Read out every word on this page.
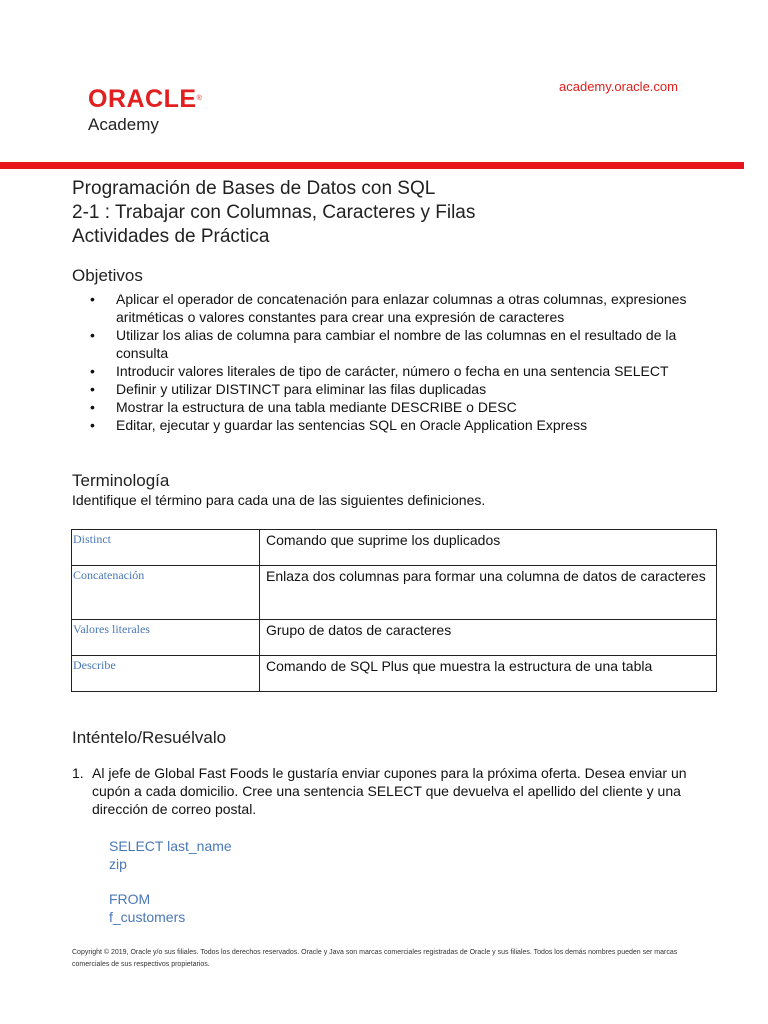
ORACLE®
Academy
academy.oracle.com
Programación de Bases de Datos con SQL
2-1 : Trabajar con Columnas, Caracteres y Filas
Actividades de Práctica
Objetivos
• Aplicar el operador de concatenación para enlazar columnas a otras columnas, expresiones aritméticas o valores constantes para crear una expresión de caracteres
• Utilizar los alias de columna para cambiar el nombre de las columnas en el resultado de la consulta
• Introducir valores literales de tipo de carácter, número o fecha en una sentencia SELECT
• Definir y utilizar DISTINCT para eliminar las filas duplicadas
• Mostrar la estructura de una tabla mediante DESCRIBE o DESC
• Editar, ejecutar y guardar las sentencias SQL en Oracle Application Express
Terminología
Identifique el término para cada una de las siguientes definiciones.
Distinct	Comando que suprime los duplicados
Concatenación	Enlaza dos columnas para formar una columna de datos de caracteres
Valores literales	Grupo de datos de caracteres
Describe	Comando de SQL Plus que muestra la estructura de una tabla
Inténtelo/Resuélvalo
1. Al jefe de Global Fast Foods le gustaría enviar cupones para la próxima oferta. Desea enviar un cupón a cada domicilio. Cree una sentencia SELECT que devuelva el apellido del cliente y una dirección de correo postal.
SELECT last_name
zip
FROM
f_customers
Copyright © 2019, Oracle y/o sus filiales. Todos los derechos reservados. Oracle y Java son marcas comerciales registradas de Oracle y sus filiales. Todos los demás nombres pueden ser marcas comerciales de sus respectivos propietarios.
